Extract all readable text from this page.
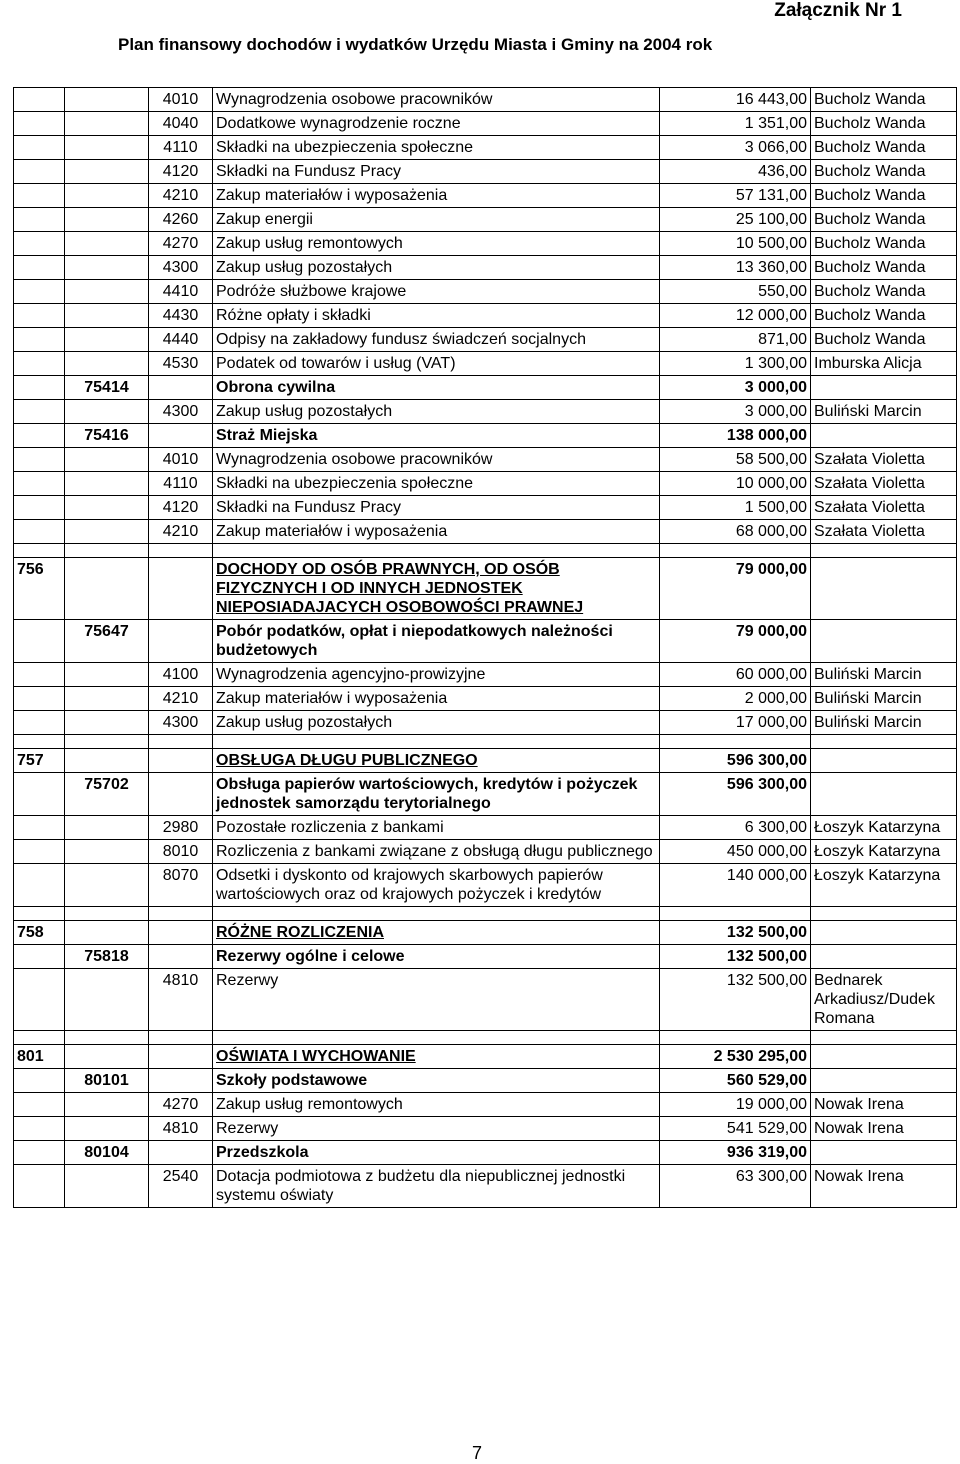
Załącznik Nr 1
Plan finansowy dochodów i wydatków Urzędu Miasta i Gminy na 2004 rok
		4010	Wynagrodzenia osobowe pracowników	16 443,00	Bucholz Wanda
		4040	Dodatkowe wynagrodzenie roczne	1 351,00	Bucholz Wanda
		4110	Składki na ubezpieczenia społeczne	3 066,00	Bucholz Wanda
		4120	Składki na Fundusz Pracy	436,00	Bucholz Wanda
		4210	Zakup materiałów i wyposażenia	57 131,00	Bucholz Wanda
		4260	Zakup energii	25 100,00	Bucholz Wanda
		4270	Zakup usług remontowych	10 500,00	Bucholz Wanda
		4300	Zakup usług pozostałych	13 360,00	Bucholz Wanda
		4410	Podróże służbowe krajowe	550,00	Bucholz Wanda
		4430	Różne opłaty i składki	12 000,00	Bucholz Wanda
		4440	Odpisy na zakładowy fundusz świadczeń socjalnych	871,00	Bucholz Wanda
		4530	Podatek od towarów i usług (VAT)	1 300,00	Imburska Alicja
	75414		Obrona cywilna	3 000,00	
		4300	Zakup usług pozostałych	3 000,00	Buliński Marcin
	75416		Straż Miejska	138 000,00	
		4010	Wynagrodzenia osobowe pracowników	58 500,00	Szałata Violetta
		4110	Składki na ubezpieczenia społeczne	10 000,00	Szałata Violetta
		4120	Składki na Fundusz Pracy	1 500,00	Szałata Violetta
		4210	Zakup materiałów i wyposażenia	68 000,00	Szałata Violetta

756			DOCHODY OD OSÓB PRAWNYCH, OD OSÓB FIZYCZNYCH I OD INNYCH JEDNOSTEK NIEPOSIADAJACYCH OSOBOWOŚCI PRAWNEJ	79 000,00	
	75647		Pobór podatków, opłat i niepodatkowych należności budżetowych	79 000,00	
		4100	Wynagrodzenia agencyjno-prowizyjne	60 000,00	Buliński Marcin
		4210	Zakup materiałów i wyposażenia	2 000,00	Buliński Marcin
		4300	Zakup usług pozostałych	17 000,00	Buliński Marcin

757			OBSŁUGA DŁUGU PUBLICZNEGO	596 300,00	
	75702		Obsługa papierów wartościowych, kredytów i pożyczek jednostek samorządu terytorialnego	596 300,00	
		2980	Pozostałe rozliczenia z bankami	6 300,00	Łoszyk Katarzyna
		8010	Rozliczenia z bankami związane z obsługą długu publicznego	450 000,00	Łoszyk Katarzyna
		8070	Odsetki i dyskonto od krajowych skarbowych papierów wartościowych oraz od krajowych pożyczek i kredytów	140 000,00	Łoszyk Katarzyna

758			RÓŻNE ROZLICZENIA	132 500,00	
	75818		Rezerwy ogólne i celowe	132 500,00	
		4810	Rezerwy	132 500,00	Bednarek Arkadiusz/Dudek Romana

801			OŚWIATA I WYCHOWANIE	2 530 295,00	
	80101		Szkoły podstawowe	560 529,00	
		4270	Zakup usług remontowych	19 000,00	Nowak Irena
		4810	Rezerwy	541 529,00	Nowak Irena
	80104		Przedszkola	936 319,00	
		2540	Dotacja podmiotowa z budżetu dla niepublicznej jednostki systemu oświaty	63 300,00	Nowak Irena
7
